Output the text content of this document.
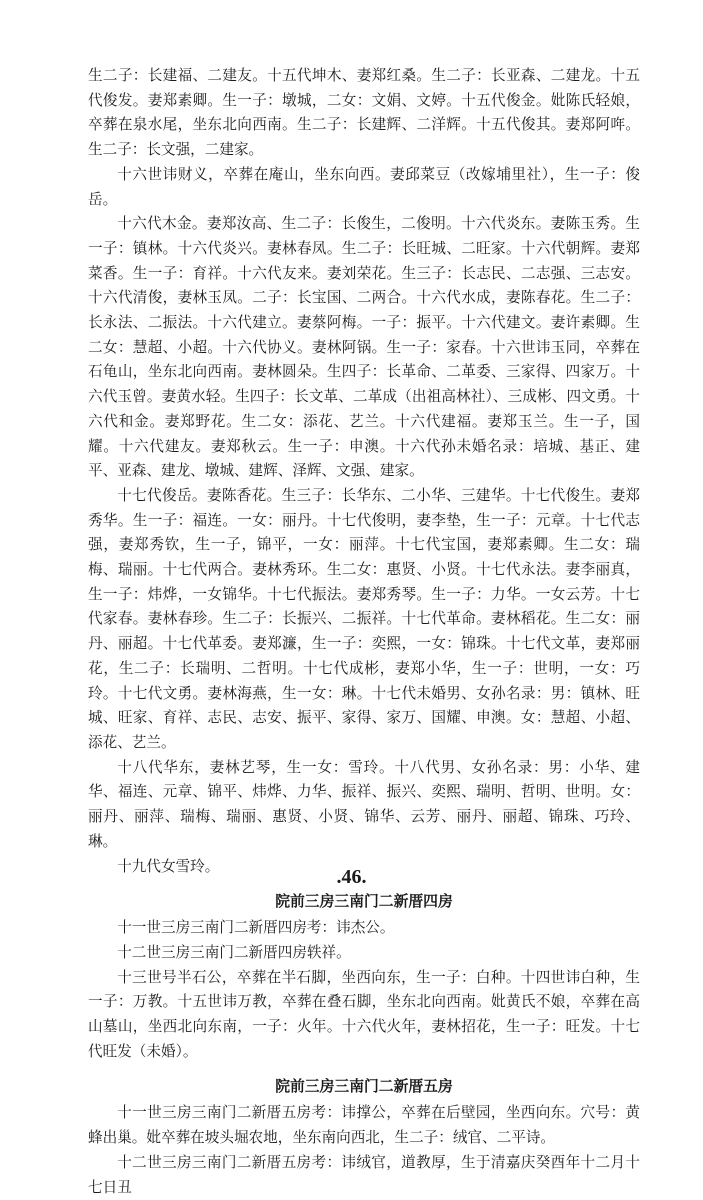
生二子：长建福、二建友。十五代坤木、妻郑红桑。生二子：长亚森、二建龙。十五代俊发。妻郑素卿。生一子：墩城，二女：文娟、文婷。十五代俊金。妣陈氏轻娘，卒葬在泉水尾，坐东北向西南。生二子：长建辉、二洋辉。十五代俊其。妻郑阿哖。生二子：长文强，二建家。

十六世讳财义，卒葬在庵山，坐东向西。妻邱菜豆（改嫁埔里社），生一子：俊岳。

十六代木金。妻郑汝高、生二子：长俊生，二俊明。十六代炎东。妻陈玉秀。生一子：镇林。十六代炎兴。妻林春凤。生二子：长旺城、二旺家。十六代朝辉。妻郑菜香。生一子：育祥。十六代友来。妻刘荣花。生三子：长志民、二志强、三志安。十六代清俊，妻林玉凤。二子：长宝国、二两合。十六代水成，妻陈春花。生二子：长永法、二振法。十六代建立。妻蔡阿梅。一子：振平。十六代建文。妻许素卿。生二女：慧超、小超。十六代协义。妻林阿锅。生一子：家春。十六世讳玉同，卒葬在石龟山，坐东北向西南。妻林圆朵。生四子：长革命、二革委、三家得、四家万。十六代玉曾。妻黄水轻。生四子：长文革、二革成（出祖高林社）、三成彬、四文勇。十六代和金。妻郑野花。生二女：添花、艺兰。十六代建福。妻郑玉兰。生一子，国耀。十六代建友。妻郑秋云。生一子：申澳。十六代孙未婚名录：培城、基正、建平、亚森、建龙、墩城、建辉、泽辉、文强、建家。

十七代俊岳。妻陈香花。生三子：长华东、二小华、三建华。十七代俊生。妻郑秀华。生一子：福连。一女：丽丹。十七代俊明，妻李垫，生一子：元章。十七代志强，妻郑秀钦，生一子，锦平，一女：丽萍。十七代宝国，妻郑素卿。生二女：瑞梅、瑞丽。十七代两合。妻林秀环。生二女：惠贤、小贤。十七代永法。妻李丽真，生一子：炜烨，一女锦华。十七代振法。妻郑秀琴。生一子：力华。一女云芳。十七代家春。妻林春珍。生二子：长振兴、二振祥。十七代革命。妻林稻花。生二女：丽丹、丽超。十七代革委。妻郑濂，生一子：奕熙，一女：锦珠。十七代文革，妻郑丽花，生二子：长瑞明、二哲明。十七代成彬，妻郑小华，生一子：世明，一女：巧玲。十七代文勇。妻林海燕，生一女：琳。十七代未婚男、女孙名录：男：镇林、旺城、旺家、育祥、志民、志安、振平、家得、家万、国耀、申澳。女：慧超、小超、添花、艺兰。

十八代华东，妻林艺琴，生一女：雪玲。十八代男、女孙名录：男：小华、建华、福连、元章、锦平、炜烨、力华、振祥、振兴、奕熙、瑞明、哲明、世明。女：丽丹、丽萍、瑞梅、瑞丽、惠贤、小贤、锦华、云芳、丽丹、丽超、锦珠、巧玲、琳。

十九代女雪玲。

院前三房三南门二新厝四房

十一世三房三南门二新厝四房考：讳杰公。

十二世三房三南门二新厝四房轶祥。

十三世号半石公，卒葬在半石脚，坐西向东，生一子：白种。十四世讳白种，生一子：万教。十五世讳万教，卒葬在叠石脚，坐东北向西南。妣黄氏不娘，卒葬在高山墓山，坐西北向东南，一子：火年。十六代火年，妻林招花，生一子：旺发。十七代旺发（未婚）。

院前三房三南门二新厝五房

十一世三房三南门二新厝五房考：讳撑公，卒葬在后壁园，坐西向东。穴号：黄蜂出巢。妣卒葬在坡头堀农地，坐东南向西北，生二子：绒官、二平诗。

十二世三房三南门二新厝五房考：讳绒官，道教厚，生于清嘉庆癸酉年十二月十七日丑

.46.
